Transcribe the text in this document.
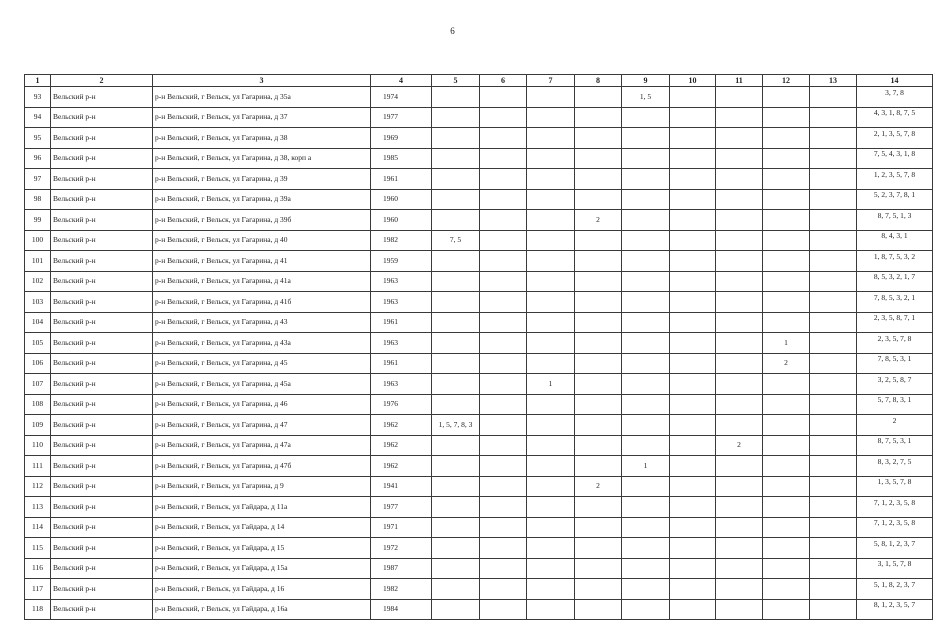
6
1	2	3	4	5	6	7	8	9	10	11	12	13	14
93	Вельский р-н	р-н Вельский, г Вельск, ул Гагарина, д 35а	1974					1, 5					3, 7, 8

94	Вельский р-н	р-н Вельский, г Вельск, ул Гагарина, д 37	1977										4, 3, 1, 8, 7, 5

95	Вельский р-н	р-н Вельский, г Вельск, ул Гагарина, д 38	1969										2, 1, 3, 5, 7, 8

96	Вельский р-н	р-н Вельский, г Вельск, ул Гагарина, д 38, корп а	1985										7, 5, 4, 3, 1, 8

97	Вельский р-н	р-н Вельский, г Вельск, ул Гагарина, д 39	1961										1, 2, 3, 5, 7, 8

98	Вельский р-н	р-н Вельский, г Вельск, ул Гагарина, д 39а	1960										5, 2, 3, 7, 8, 1

99	Вельский р-н	р-н Вельский, г Вельск, ул Гагарина, д 39б	1960				2						8, 7, 5, 1, 3

100	Вельский р-н	р-н Вельский, г Вельск, ул Гагарина, д 40	1982	7, 5									8, 4, 3, 1

101	Вельский р-н	р-н Вельский, г Вельск, ул Гагарина, д 41	1959										1, 8, 7, 5, 3, 2

102	Вельский р-н	р-н Вельский, г Вельск, ул Гагарина, д 41а	1963										8, 5, 3, 2, 1, 7

103	Вельский р-н	р-н Вельский, г Вельск, ул Гагарина, д 41б	1963										7, 8, 5, 3, 2, 1

104	Вельский р-н	р-н Вельский, г Вельск, ул Гагарина, д 43	1961										2, 3, 5, 8, 7, 1

105	Вельский р-н	р-н Вельский, г Вельск, ул Гагарина, д 43а	1963								1		2, 3, 5, 7, 8

106	Вельский р-н	р-н Вельский, г Вельск, ул Гагарина, д 45	1961								2		7, 8, 5, 3, 1

107	Вельский р-н	р-н Вельский, г Вельск, ул Гагарина, д 45а	1963			1							3, 2, 5, 8, 7

108	Вельский р-н	р-н Вельский, г Вельск, ул Гагарина, д 46	1976										5, 7, 8, 3, 1

109	Вельский р-н	р-н Вельский, г Вельск, ул Гагарина, д 47	1962	1, 5, 7, 8, 3									2

110	Вельский р-н	р-н Вельский, г Вельск, ул Гагарина, д 47а	1962							2			8, 7, 5, 3, 1

111	Вельский р-н	р-н Вельский, г Вельск, ул Гагарина, д 47б	1962					1					8, 3, 2, 7, 5

112	Вельский р-н	р-н Вельский, г Вельск, ул Гагарина, д 9	1941				2						1, 3, 5, 7, 8

113	Вельский р-н	р-н Вельский, г Вельск, ул Гайдара, д 11а	1977										7, 1, 2, 3, 5, 8

114	Вельский р-н	р-н Вельский, г Вельск, ул Гайдара, д 14	1971										7, 1, 2, 3, 5, 8

115	Вельский р-н	р-н Вельский, г Вельск, ул Гайдара, д 15	1972										5, 8, 1, 2, 3, 7

116	Вельский р-н	р-н Вельский, г Вельск, ул Гайдара, д 15а	1987										3, 1, 5, 7, 8

117	Вельский р-н	р-н Вельский, г Вельск, ул Гайдара, д 16	1982										5, 1, 8, 2, 3, 7

118	Вельский р-н	р-н Вельский, г Вельск, ул Гайдара, д 16а	1984										8, 1, 2, 3, 5, 7
